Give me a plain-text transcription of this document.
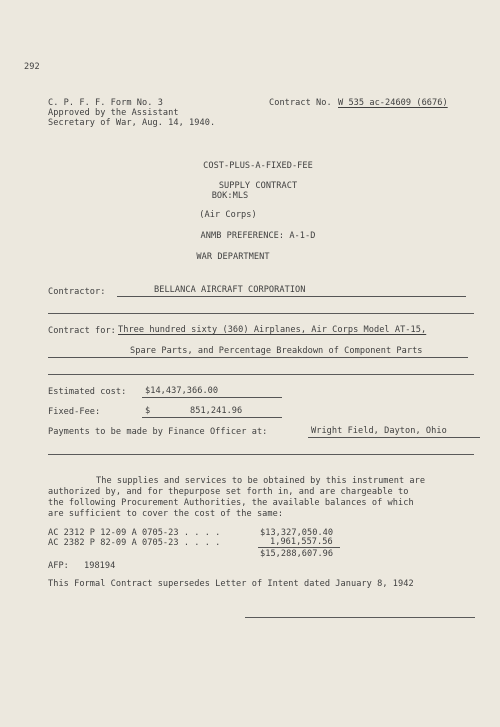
292
C. P. F. F. Form No. 3
Approved by the Assistant
Secretary of War, Aug. 14, 1940.
Contract No. W 535 ac-24609 (6676)
COST-PLUS-A-FIXED-FEE
SUPPLY CONTRACT
BOK:MLS
(Air Corps)
ANMB PREFERENCE: A-1-D
WAR DEPARTMENT
Contractor:	BELLANCA AIRCRAFT CORPORATION
Contract for: Three hundred sixty (360) Airplanes, Air Corps Model AT-15,
Spare Parts, and Percentage Breakdown of Component Parts
Estimated cost: $14,437,366.00
Fixed-Fee:	$	851,241.96
Payments to be made by Finance Officer at:	Wright Field, Dayton, Ohio
The supplies and services to be obtained by this instrument are
authorized by, and for thepurpose set forth in, and are chargeable to
the following Procurement Authorities, the available balances of which
are sufficient to cover the cost of the same:
AC 2312 P 12-09 A 0705-23 . . . .	$13,327,050.40
AC 2382 P 82-09 A 0705-23 . . . .	1,961,557.56
$15,288,607.96
AFP: 198194
This Formal Contract supersedes Letter of Intent dated January 8, 1942
